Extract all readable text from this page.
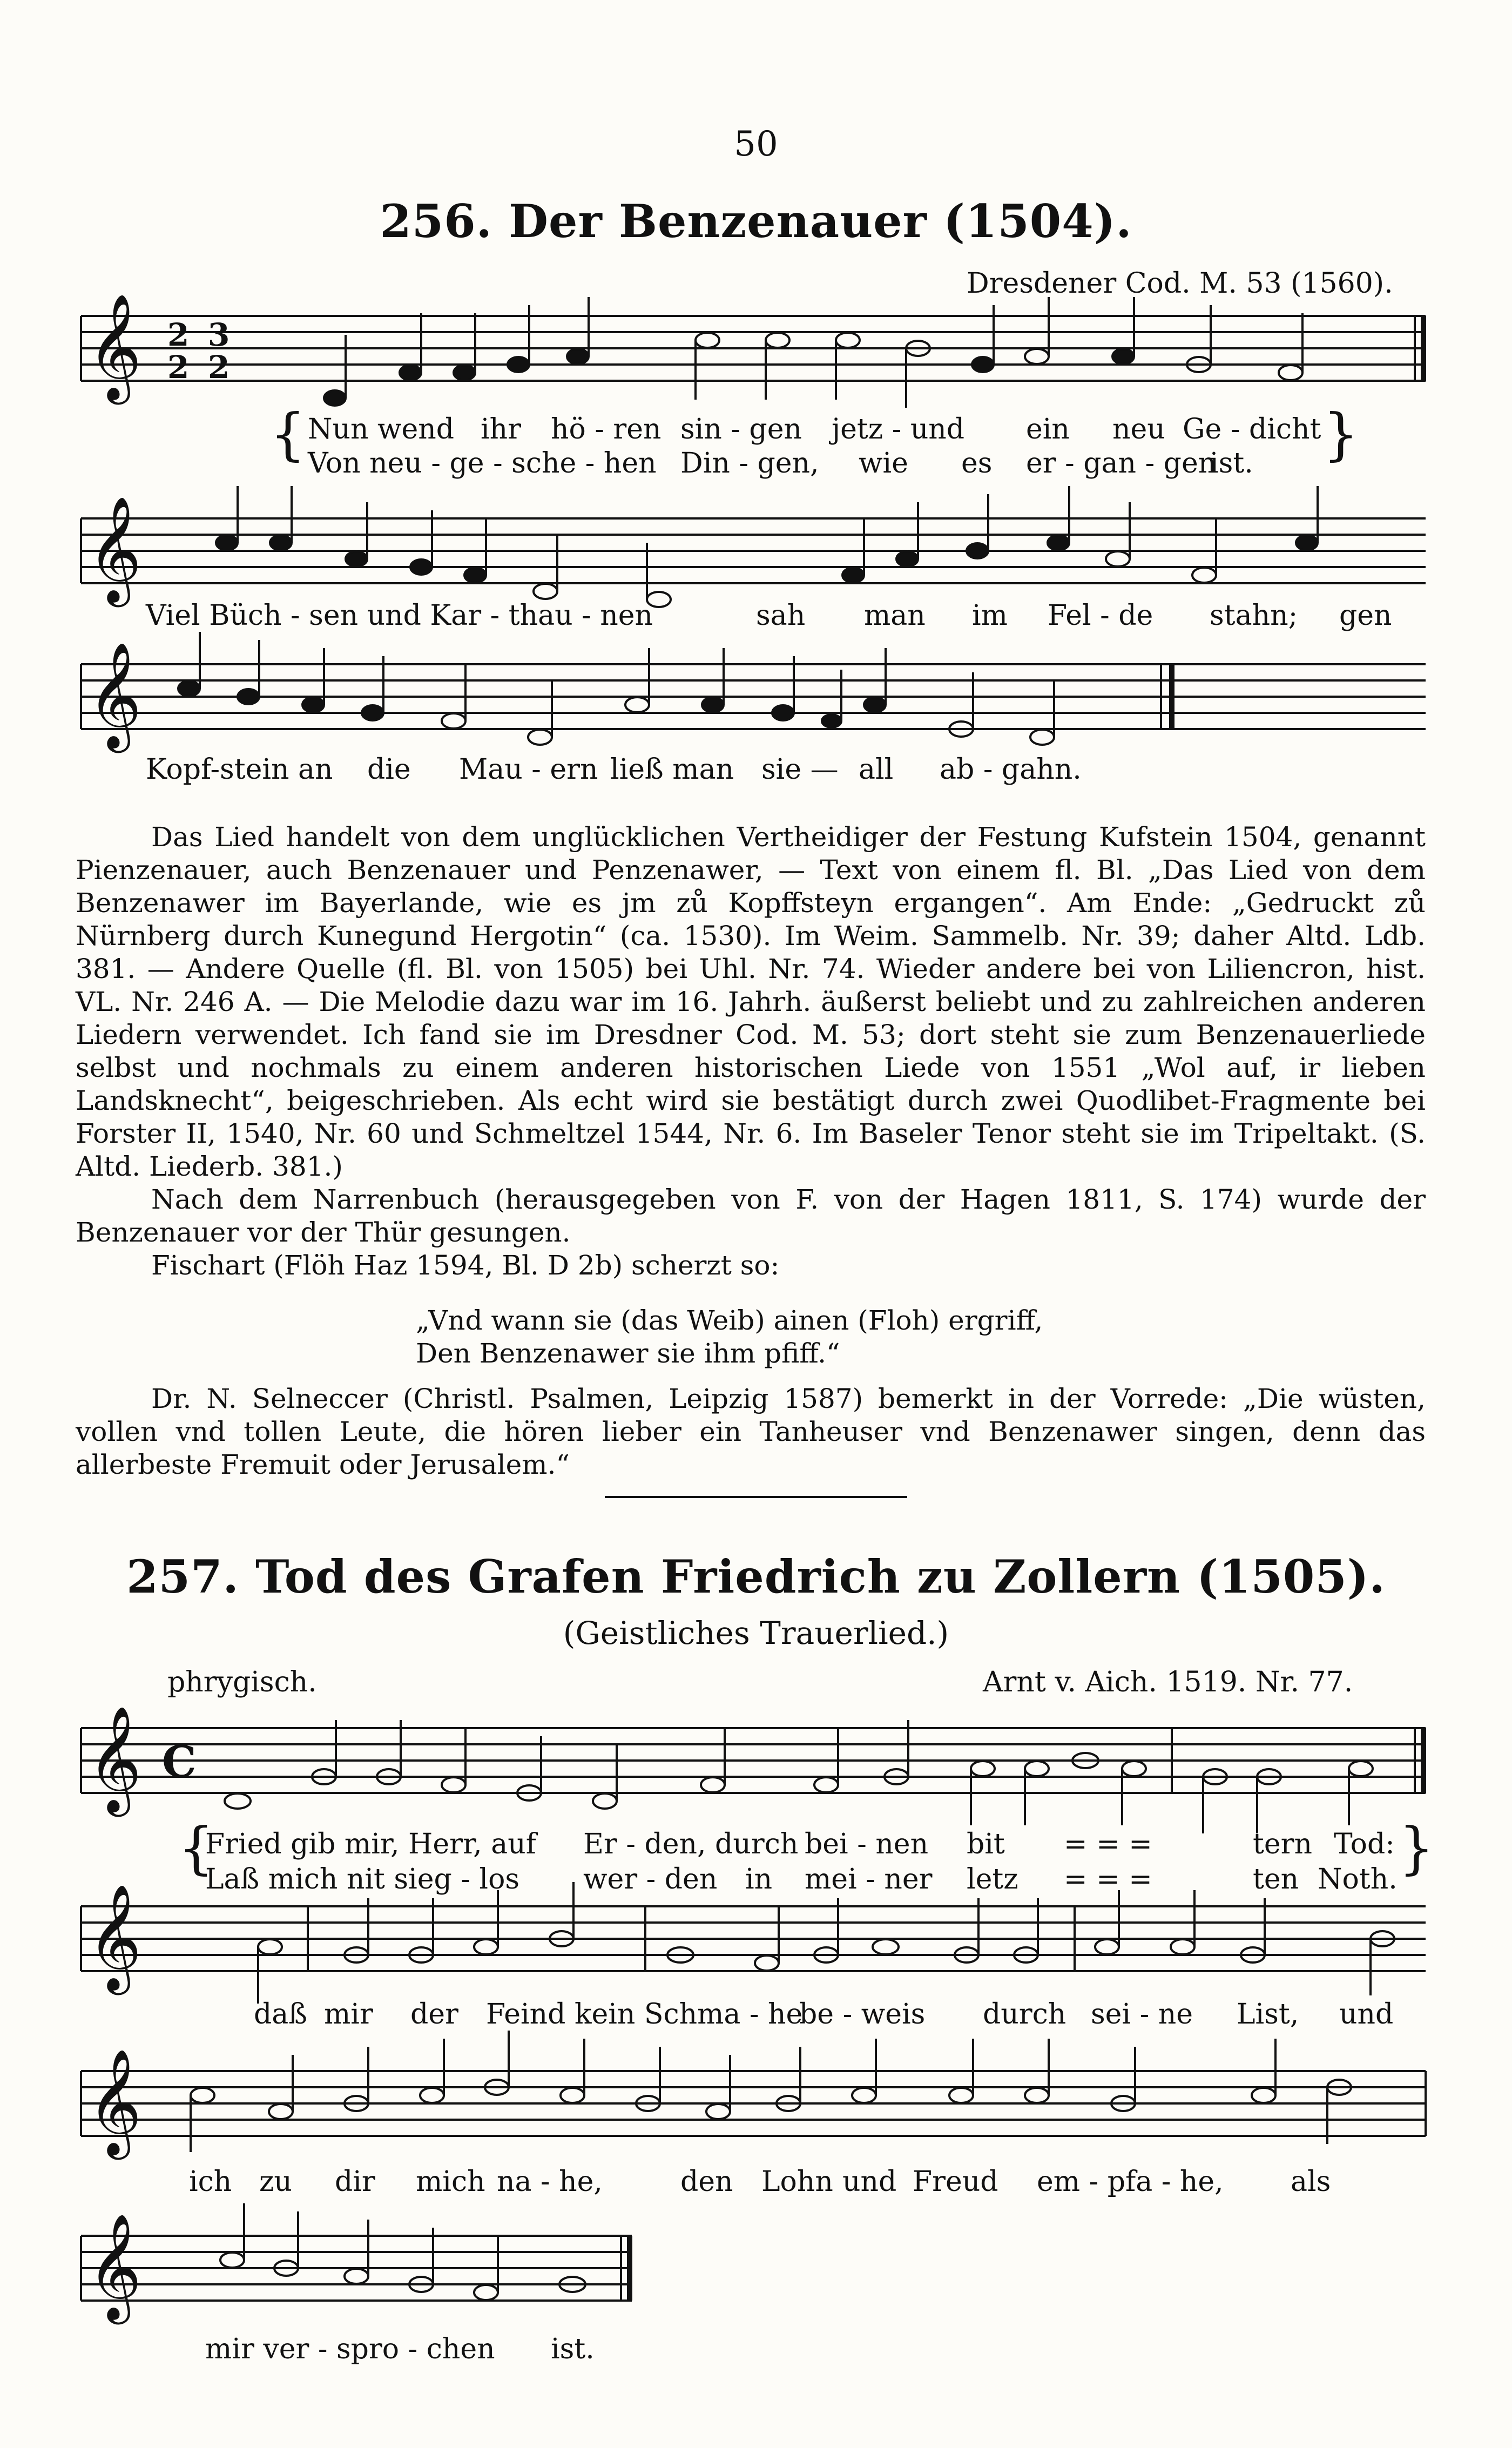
50
256. Der Benzenauer (1504).
Dresdener Cod. M. 53 (1560).
𝄞
𝄞
𝄞
𝄞
𝄞
𝄞
𝄞
2
2
3
2
C
{	}
Nun wend ihr hö - ren sin - gen jetz - und ein neu Ge - dicht
Von neu - ge - sche - hen Din - gen, wie es er - gan - gen
ist.
Viel Büch - sen und Kar - thau - nen	sah man im Fel - de stahn; gen
Kopf-stein an die Mau - ern ließ man sie — all ab - gahn.

Das Lied handelt von dem unglücklichen Vertheidiger der Festung Kufstein 1504, genannt Pienzenauer, auch Benzenauer und Penzenawer, — Text von einem fl. Bl. „Das Lied von dem Benzenawer im Bayerlande, wie es jm zů Kopffsteyn ergangen“. Am Ende: „Gedruckt zů Nürnberg durch Kunegund Hergotin“ (ca. 1530). Im Weim. Sammelb. Nr. 39; daher Altd. Ldb. 381. — Andere Quelle (fl. Bl. von 1505) bei Uhl. Nr. 74. Wieder andere bei von Liliencron, hist. VL. Nr. 246 A. — Die Melodie dazu war im 16. Jahrh. äußerst beliebt und zu zahlreichen anderen Liedern verwendet. Ich fand sie im Dresdner Cod. M. 53; dort steht sie zum Benzenauerliede selbst und nochmals zu einem anderen historischen Liede von 1551 „Wol auf, ir lieben Landsknecht“, beigeschrieben. Als echt wird sie bestätigt durch zwei Quodlibet-Fragmente bei Forster II, 1540, Nr. 60 und Schmeltzel 1544, Nr. 6. Im Baseler Tenor steht sie im Tripeltakt. (S. Altd. Liederb. 381.)

Nach dem Narrenbuch (herausgegeben von F. von der Hagen 1811, S. 174) wurde der Benzenauer vor der Thür gesungen.

Fischart (Flöh Haz 1594, Bl. D 2b) scherzt so:

„Vnd wann sie (das Weib) ainen (Floh) ergriff,
Den Benzenawer sie ihm pfiff.“

Dr. N. Selneccer (Christl. Psalmen, Leipzig 1587) bemerkt in der Vorrede: „Die wüsten, vollen vnd tollen Leute, die hören lieber ein Tanheuser vnd Benzenawer singen, denn das allerbeste Fremuit oder Jerusalem.“

257. Tod des Grafen Friedrich zu Zollern (1505).
(Geistliches Trauerlied.)
phrygisch.	Arnt v. Aich. 1519. Nr. 77.
{	}
Fried gib mir, Herr, auf Er - den, durch bei - nen bit = = =	tern Tod:
Laß mich nit sieg - los wer - den in mei - ner letz = = =	ten Noth.
daß mir der Feind kein Schma - he
be - weis durch sei - ne List, und
ich zu dir mich na - he,	den Lohn und Freud em - pfa - he, als
mir ver - spro - chen ist.
